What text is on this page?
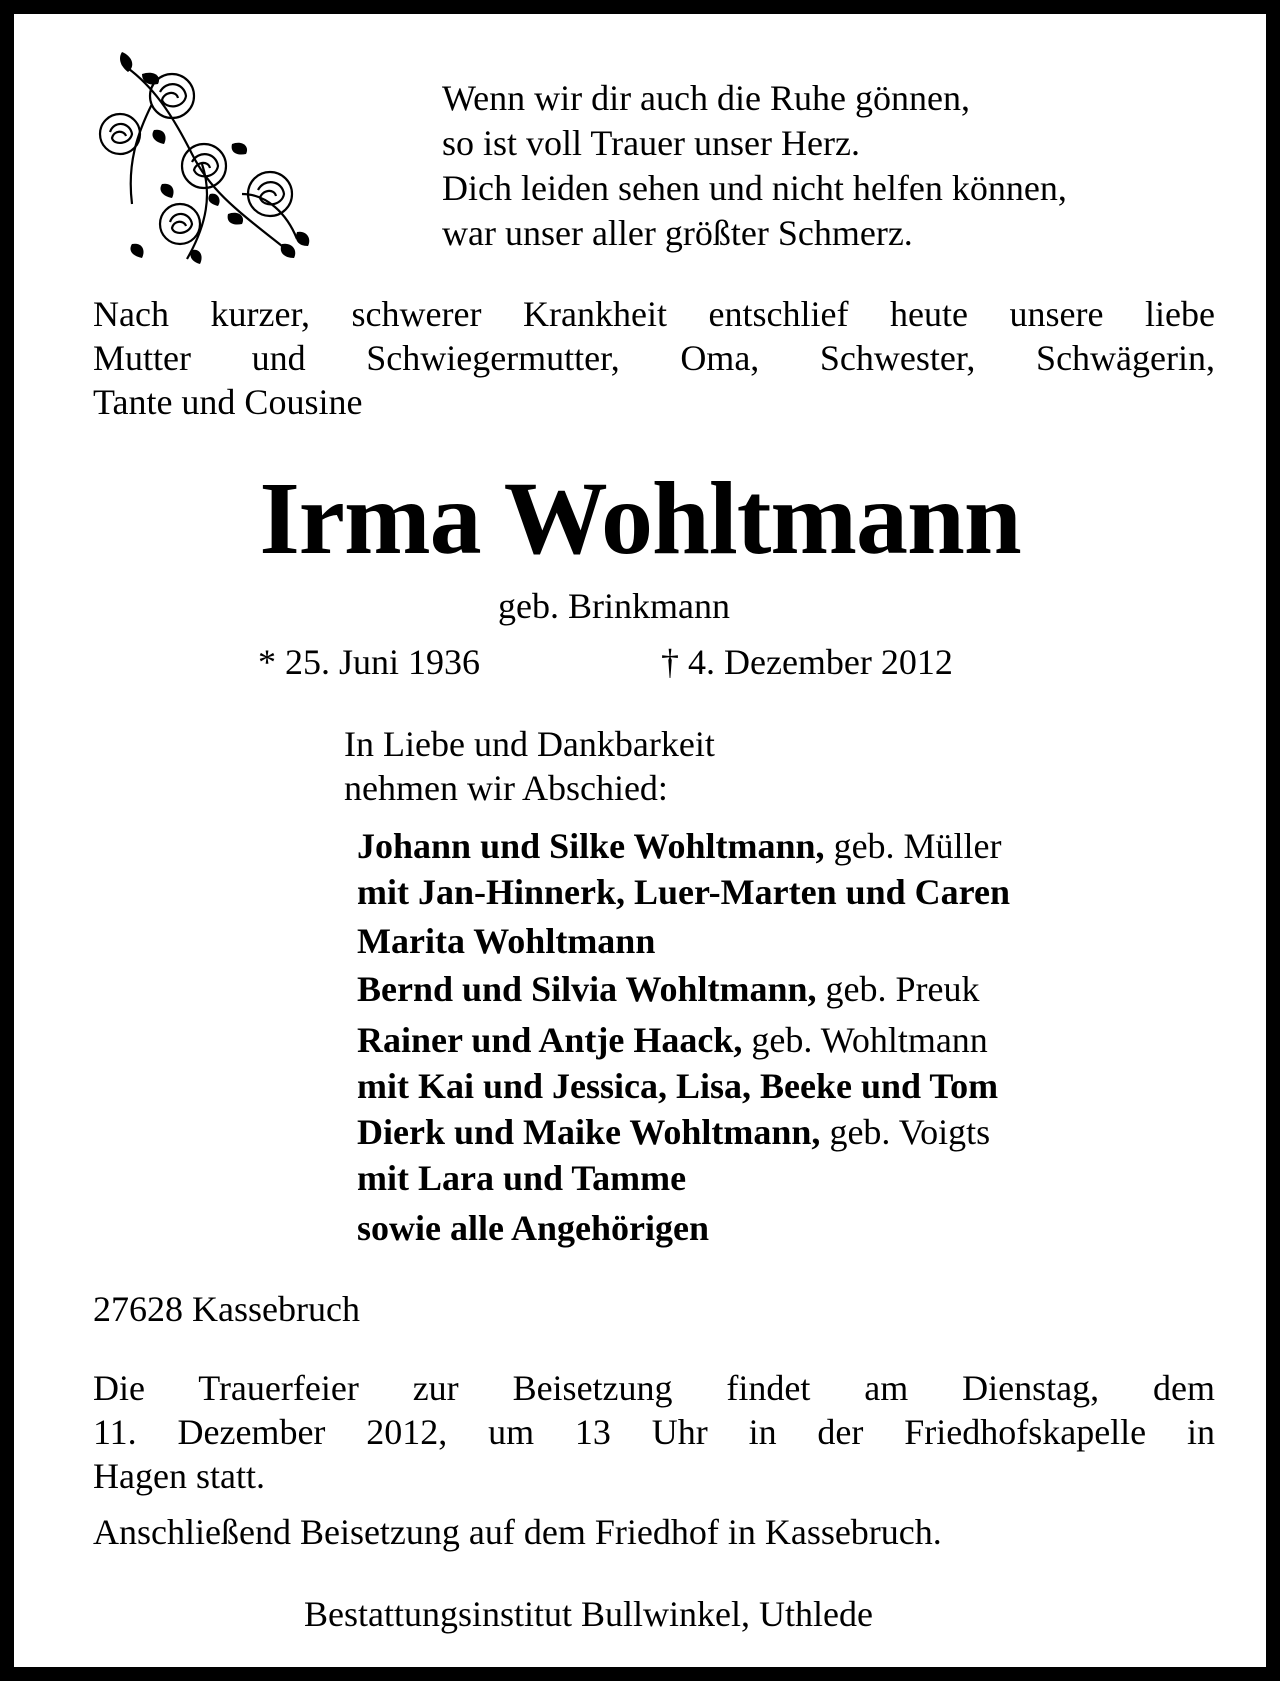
Wenn wir dir auch die Ruhe gönnen,
so ist voll Trauer unser Herz.
Dich leiden sehen und nicht helfen können,
war unser aller größter Schmerz.
Nach kurzer, schwerer Krankheit entschlief heute unsere liebe
Mutter und Schwiegermutter, Oma, Schwester, Schwägerin,
Tante und Cousine
Irma Wohltmann
geb. Brinkmann
* 25. Juni 1936	† 4. Dezember 2012
In Liebe und Dankbarkeit
nehmen wir Abschied:
Johann und Silke Wohltmann, geb. Müller
mit Jan-Hinnerk, Luer-Marten und Caren
Marita Wohltmann
Bernd und Silvia Wohltmann, geb. Preuk
Rainer und Antje Haack, geb. Wohltmann
mit Kai und Jessica, Lisa, Beeke und Tom
Dierk und Maike Wohltmann, geb. Voigts
mit Lara und Tamme
sowie alle Angehörigen
27628 Kassebruch
Die Trauerfeier zur Beisetzung findet am Dienstag, dem
11. Dezember 2012, um 13 Uhr in der Friedhofskapelle in
Hagen statt.
Anschließend Beisetzung auf dem Friedhof in Kassebruch.
Bestattungsinstitut Bullwinkel, Uthlede
